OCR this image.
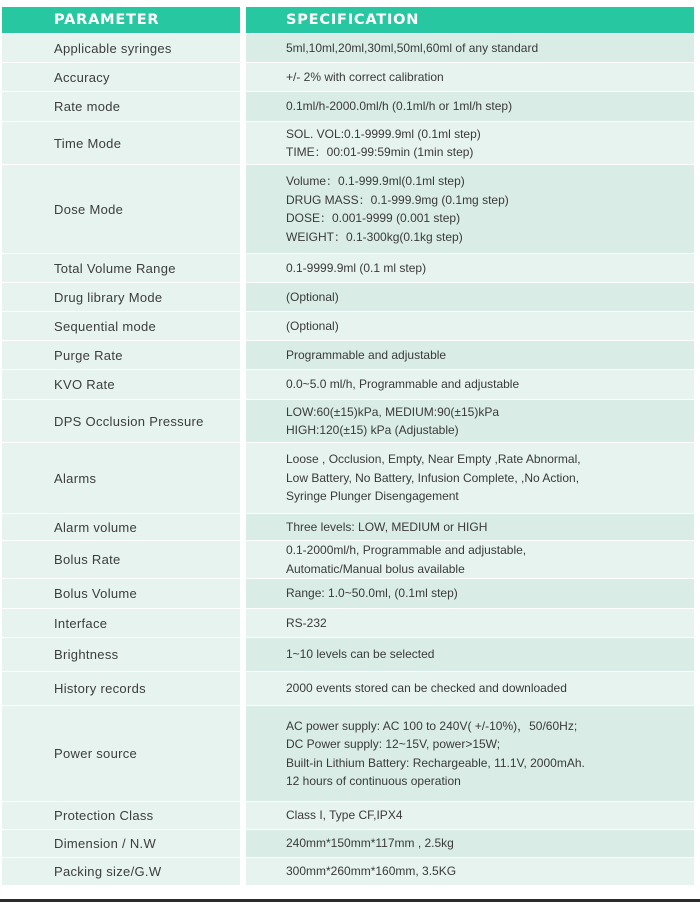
PARAMETER	SPECIFICATION
Applicable syringes	5ml,10ml,20ml,30ml,50ml,60ml of any standard

Accuracy	+/- 2% with correct calibration

Rate mode	0.1ml/h-2000.0ml/h (0.1ml/h or 1ml/h step)

Time Mode	SOL. VOL:0.1-9999.9ml (0.1ml step)
TIME：00:01-99:59min (1min step)

Dose Mode	Volume：0.1-999.9ml(0.1ml step)
DRUG MASS：0.1-999.9mg (0.1mg step)
DOSE：0.001-9999 (0.001 step)
WEIGHT：0.1-300kg(0.1kg step)

Total Volume Range	0.1-9999.9ml (0.1 ml step)

Drug library Mode	(Optional)

Sequential mode	(Optional)

Purge Rate	Programmable and adjustable

KVO Rate	0.0~5.0 ml/h, Programmable and adjustable

DPS Occlusion Pressure	LOW:60(±15)kPa, MEDIUM:90(±15)kPa
HIGH:120(±15) kPa (Adjustable)

Alarms	Loose , Occlusion, Empty, Near Empty ,Rate Abnormal,
Low Battery, No Battery, Infusion Complete, ,No Action,
Syringe Plunger Disengagement

Alarm volume	Three levels: LOW, MEDIUM or HIGH

Bolus Rate	0.1-2000ml/h, Programmable and adjustable,
Automatic/Manual bolus available

Bolus Volume	Range: 1.0~50.0ml, (0.1ml step)

Interface	RS-232

Brightness	1~10 levels can be selected

History records	2000 events stored can be checked and downloaded

Power source	AC power supply: AC 100 to 240V( +/-10%)，50/60Hz;
DC Power supply: 12~15V, power>15W;
Built-in Lithium Battery: Rechargeable, 11.1V, 2000mAh.
12 hours of continuous operation

Protection Class	Class I, Type CF,IPX4

Dimension / N.W	240mm*150mm*117mm , 2.5kg

Packing size/G.W	300mm*260mm*160mm, 3.5KG
